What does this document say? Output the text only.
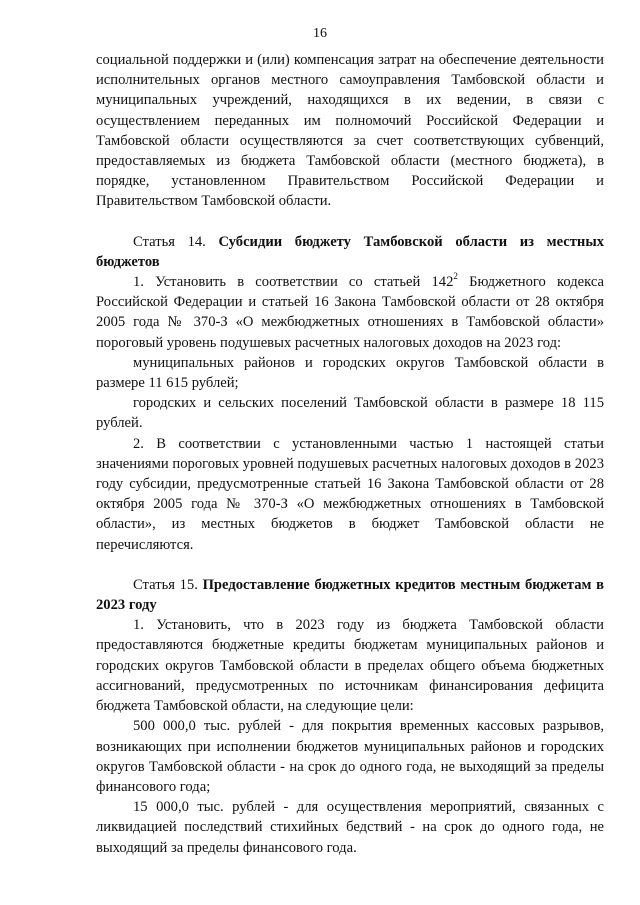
16

социальной поддержки и (или) компенсация затрат на обеспечение деятельности исполнительных органов местного самоуправления Тамбовской области и муниципальных учреждений, находящихся в их ведении, в связи с осуществлением переданных им полномочий Российской Федерации и Тамбовской области осуществляются за счет соответствующих субвенций, предоставляемых из бюджета Тамбовской области (местного бюджета), в порядке, установленном Правительством Российской Федерации и Правительством Тамбовской области.

Статья 14. Субсидии бюджету Тамбовской области из местных бюджетов

1. Установить в соответствии со статьей $142^2$ Бюджетного кодекса Российской Федерации и статьей 16 Закона Тамбовской области от 28 октября 2005 года № 370-З «О межбюджетных отношениях в Тамбовской области» пороговый уровень подушевых расчетных налоговых доходов на 2023 год:

муниципальных районов и городских округов Тамбовской области в размере 11 615 рублей;

городских и сельских поселений Тамбовской области в размере 18 115 рублей.

2. В соответствии с установленными частью 1 настоящей статьи значениями пороговых уровней подушевых расчетных налоговых доходов в 2023 году субсидии, предусмотренные статьей 16 Закона Тамбовской области от 28 октября 2005 года № 370-З «О межбюджетных отношениях в Тамбовской области», из местных бюджетов в бюджет Тамбовской области не перечисляются.

Статья 15. Предоставление бюджетных кредитов местным бюджетам в 2023 году

1. Установить, что в 2023 году из бюджета Тамбовской области предоставляются бюджетные кредиты бюджетам муниципальных районов и городских округов Тамбовской области в пределах общего объема бюджетных ассигнований, предусмотренных по источникам финансирования дефицита бюджета Тамбовской области, на следующие цели:

500 000,0 тыс. рублей - для покрытия временных кассовых разрывов, возникающих при исполнении бюджетов муниципальных районов и городских округов Тамбовской области - на срок до одного года, не выходящий за пределы финансового года;

15 000,0 тыс. рублей - для осуществления мероприятий, связанных с ликвидацией последствий стихийных бедствий - на срок до одного года, не выходящий за пределы финансового года.
